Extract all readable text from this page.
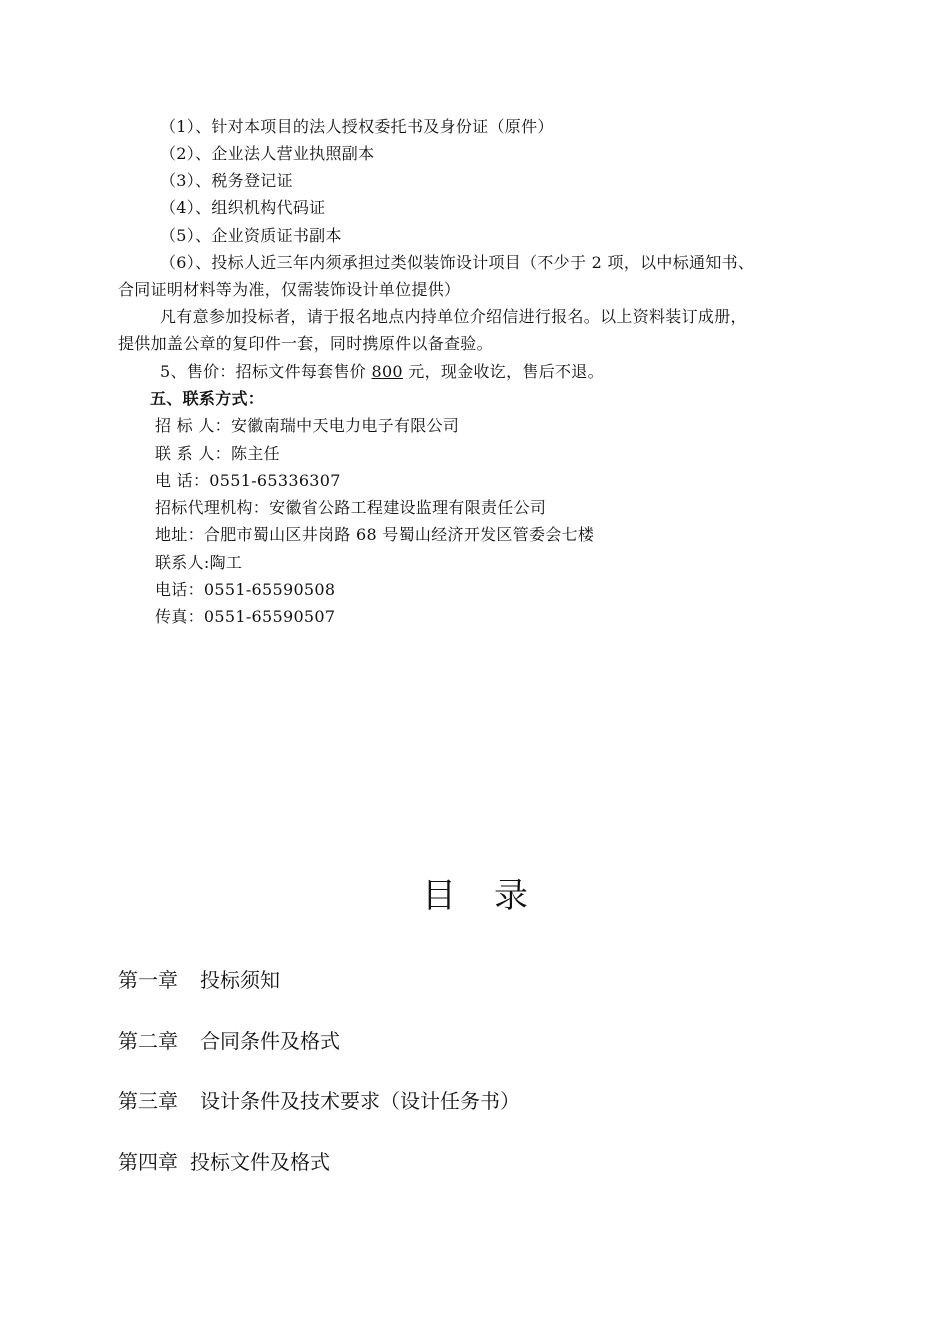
（1）、针对本项目的法人授权委托书及身份证（原件）
（2）、企业法人营业执照副本
（3）、税务登记证
（4）、组织机构代码证
（5）、企业资质证书副本
（6）、投标人近三年内须承担过类似装饰设计项目（不少于 2 项，以中标通知书、
合同证明材料等为准，仅需装饰设计单位提供）
凡有意参加投标者，请于报名地点内持单位介绍信进行报名。以上资料装订成册，
提供加盖公章的复印件一套，同时携原件以备查验。
5、售价：招标文件每套售价 800 元，现金收讫，售后不退。
五、联系方式：
招 标 人：安徽南瑞中天电力电子有限公司
联 系 人：陈主任
电 话：0551-65336307
招标代理机构：安徽省公路工程建设监理有限责任公司
地址：合肥市蜀山区井岗路 68 号蜀山经济开发区管委会七楼
联系人:陶工
电话：0551-65590508
传真：0551-65590507
目 录
第一章 投标须知
第二章 合同条件及格式
第三章 设计条件及技术要求（设计任务书）
第四章 投标文件及格式
